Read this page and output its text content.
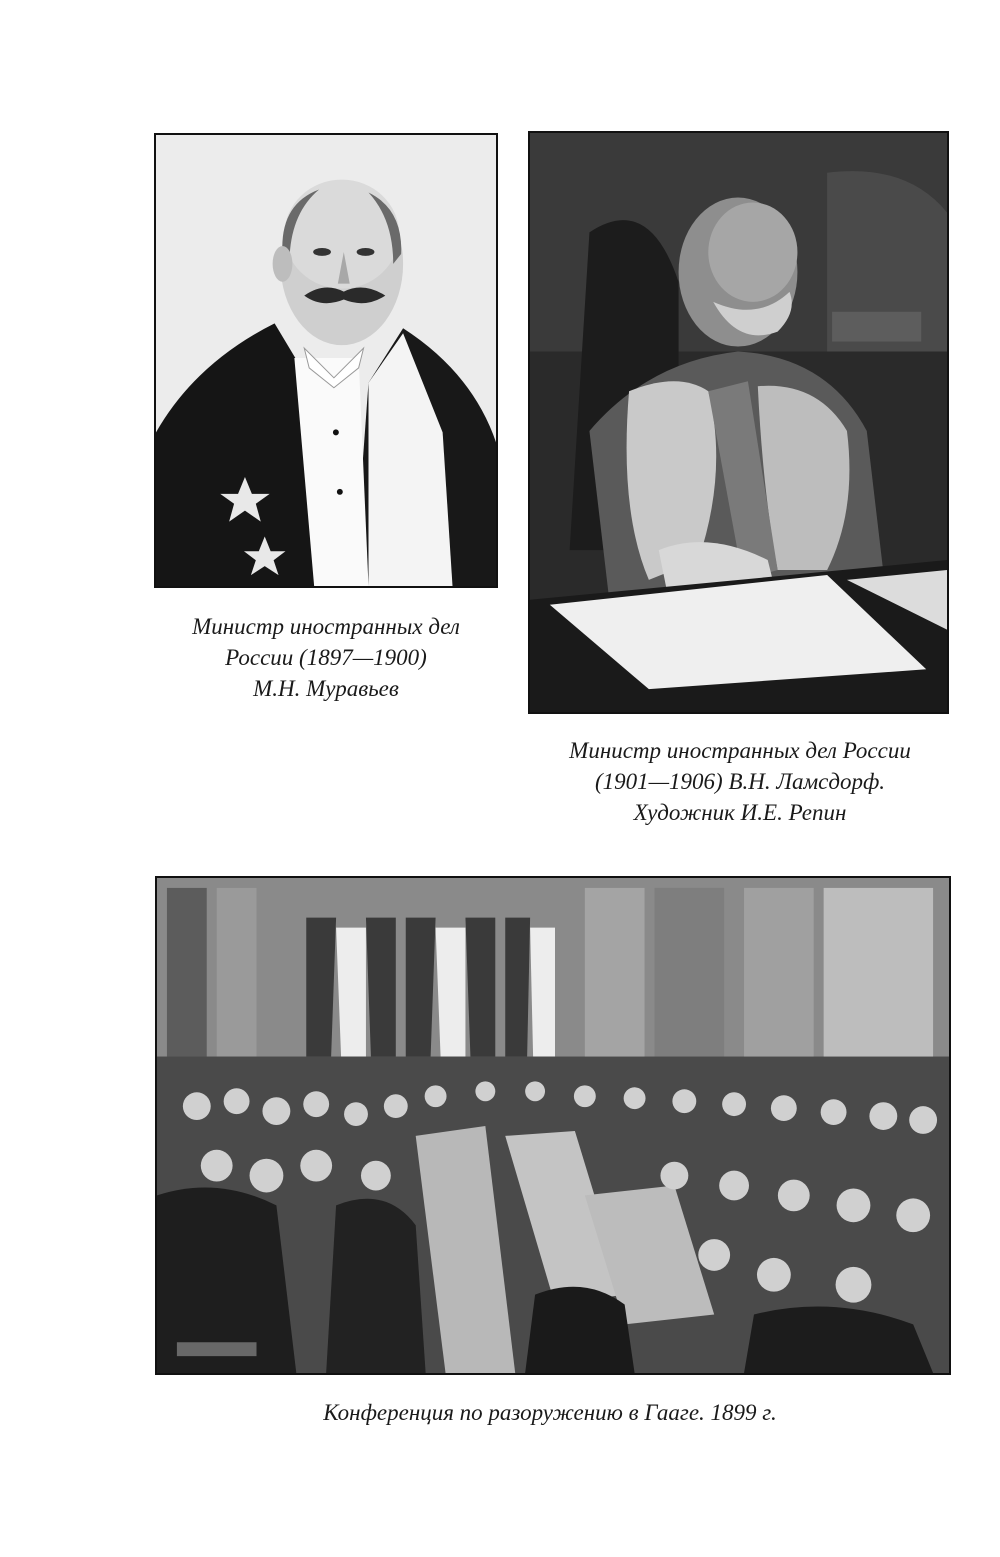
Министр иностранных дел
России (1897—1900)
М.Н. Муравьев
Министр иностранных дел России
(1901—1906) В.Н. Ламсдорф.
Художник И.Е. Репин
Конференция по разоружению в Гааге. 1899 г.
